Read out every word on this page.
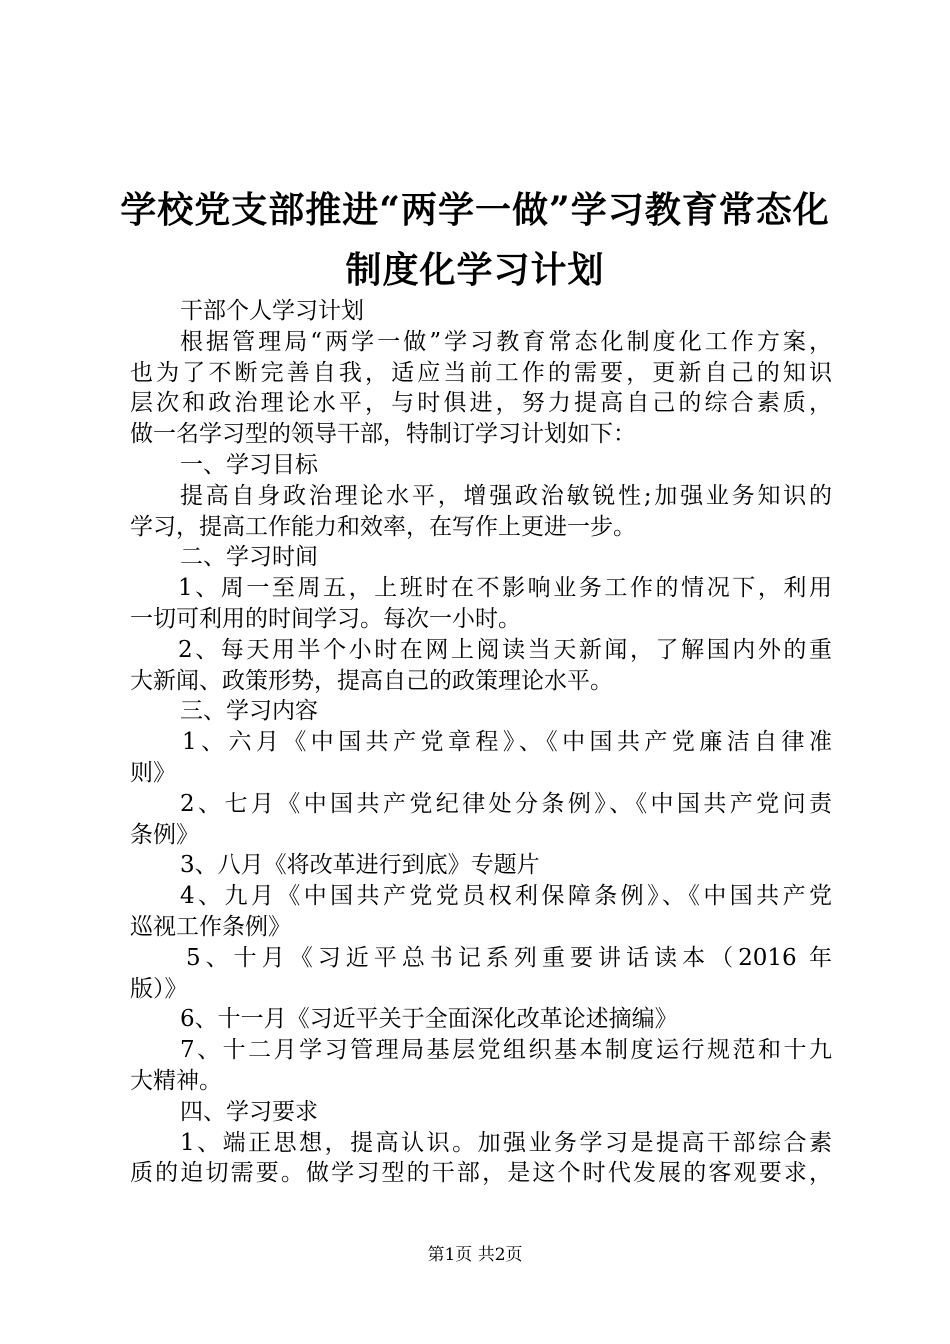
学校党支部推进“两学一做”学习教育常态化
制度化学习计划
干部个人学习计划
根据管理局“两学一做”学习教育常态化制度化工作方案，
也为了不断完善自我，适应当前工作的需要，更新自己的知识
层次和政治理论水平，与时俱进，努力提高自己的综合素质，
做一名学习型的领导干部，特制订学习计划如下：
一、学习目标
提高自身政治理论水平，增强政治敏锐性;加强业务知识的
学习，提高工作能力和效率，在写作上更进一步。
二、学习时间
1、周一至周五，上班时在不影响业务工作的情况下，利用
一切可利用的时间学习。每次一小时。
2、每天用半个小时在网上阅读当天新闻，了解国内外的重
大新闻、政策形势，提高自己的政策理论水平。
三、学习内容
1、六月《中国共产党章程》、《中国共产党廉洁自律准
则》
2、七月《中国共产党纪律处分条例》、《中国共产党问责
条例》
3、八月《将改革进行到底》专题片
4、九月《中国共产党党员权利保障条例》、《中国共产党
巡视工作条例》
5、十月《习近平总书记系列重要讲话读本（2016 年
版）》
6、十一月《习近平关于全面深化改革论述摘编》
7、十二月学习管理局基层党组织基本制度运行规范和十九
大精神。
四、学习要求
1、端正思想，提高认识。加强业务学习是提高干部综合素
质的迫切需要。做学习型的干部，是这个时代发展的客观要求，
第1页 共2页
